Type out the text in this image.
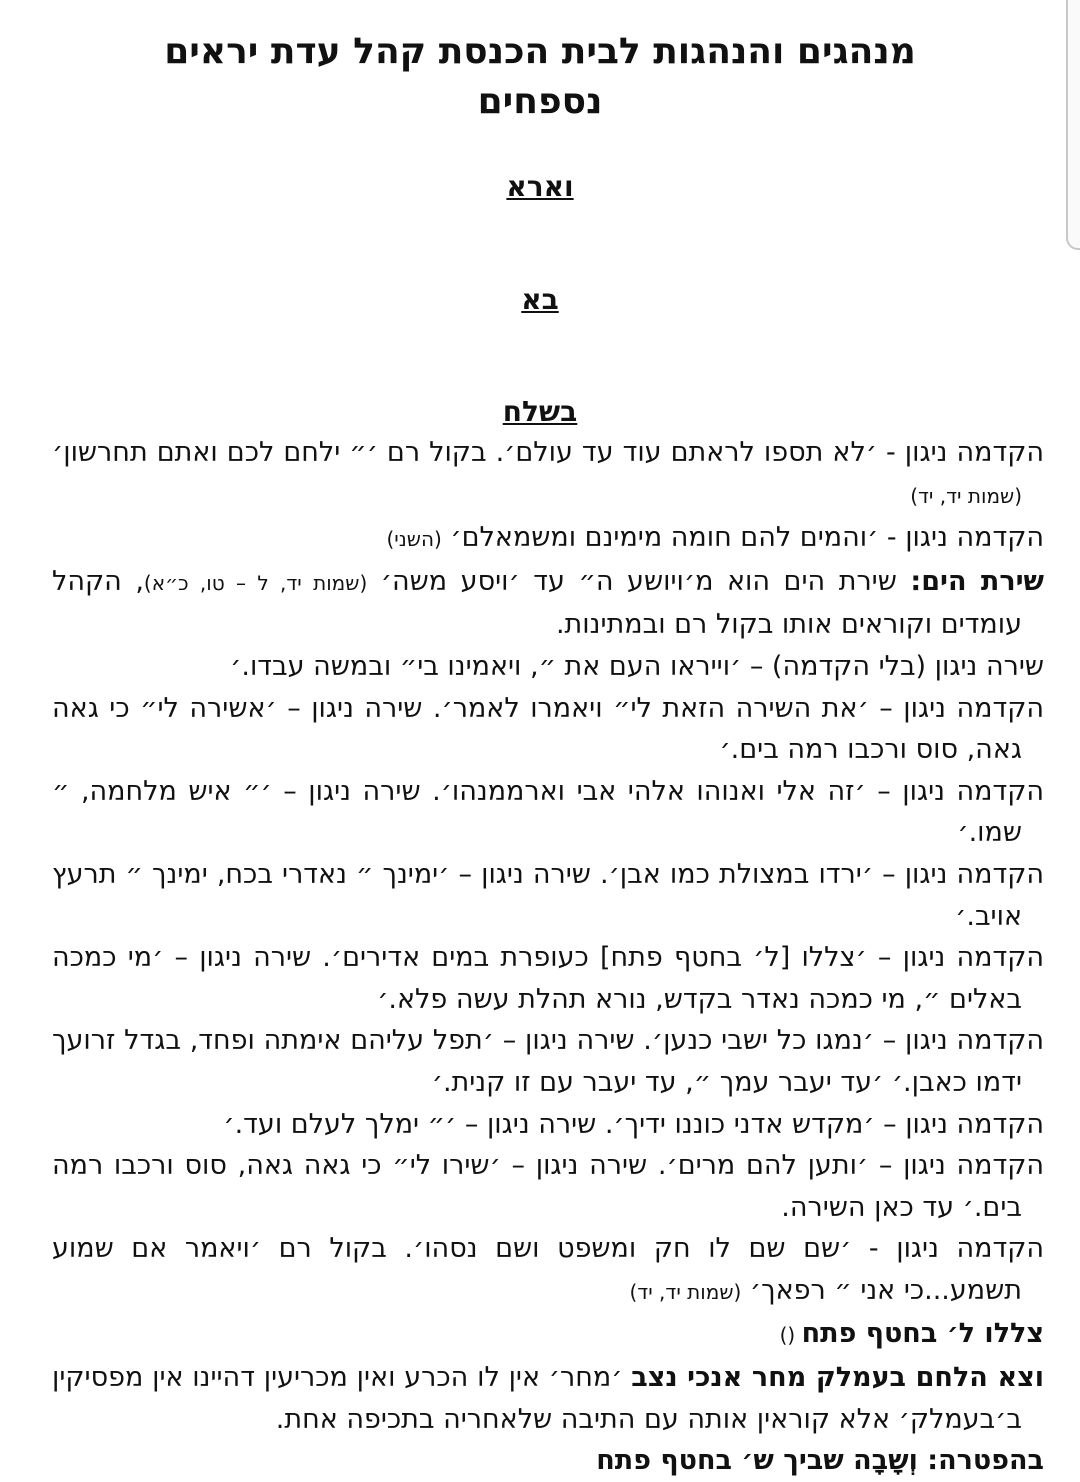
מנהגים והנהגות לבית הכנסת קהל עדת יראים
נספחים
וארא
בא
בשלח

הקדמה ניגון - ׳לא תספו לראתם עוד עד עולם׳. בקול רם ׳״ ילחם לכם ואתם תחרשון׳ (שמות יד, יד)

הקדמה ניגון - ׳והמים להם חומה מימינם ומשמאלם׳ (השני)

שירת הים: שירת הים הוא מ׳ויושע ה״ עד ׳ויסע משה׳ (שמות יד, ל – טו, כ״א), הקהל עומדים וקוראים אותו בקול רם ובמתינות.

שירה ניגון (בלי הקדמה) – ׳וייראו העם את ״, ויאמינו בי״ ובמשה עבדו.׳

הקדמה ניגון – ׳את השירה הזאת לי״ ויאמרו לאמר׳. שירה ניגון – ׳אשירה לי״ כי גאה גאה, סוס ורכבו רמה בים.׳

הקדמה ניגון – ׳זה אלי ואנוהו אלהי אבי וארממנהו׳. שירה ניגון – ׳״ איש מלחמה, ״ שמו.׳

הקדמה ניגון – ׳ירדו במצולת כמו אבן׳. שירה ניגון – ׳ימינך ״ נאדרי בכח, ימינך ״ תרעץ אויב.׳

הקדמה ניגון – ׳צללו [ל׳ בחטף פתח] כעופרת במים אדירים׳. שירה ניגון – ׳מי כמכה באלים ״, מי כמכה נאדר בקדש, נורא תהלת עשה פלא.׳

הקדמה ניגון – ׳נמגו כל ישבי כנען׳. שירה ניגון – ׳תפל עליהם אימתה ופחד, בגדל זרועך ידמו כאבן.׳ ׳עד יעבר עמך ״, עד יעבר עם זו קנית.׳

הקדמה ניגון – ׳מקדש אדני כוננו ידיך׳. שירה ניגון – ׳״ ימלך לעלם ועד.׳

הקדמה ניגון – ׳ותען להם מרים׳. שירה ניגון – ׳שירו לי״ כי גאה גאה, סוס ורכבו רמה בים.׳ עד כאן השירה.

הקדמה ניגון - ׳שם שם לו חק ומשפט ושם נסהו׳. בקול רם ׳ויאמר אם שמוע תשמע...כי אני ״ רפאך׳ (שמות יד, יד)

צללו ל׳ בחטף פתח ()

וצא הלחם בעמלק מחר אנכי נצב ׳מחר׳ אין לו הכרע ואין מכריעין דהיינו אין מפסיקין ב׳בעמלק׳ אלא קוראין אותה עם התיבה שלאחריה בתכיפה אחת.

בהפטרה: וְשָבָה שביך ש׳ בחטף פתח
